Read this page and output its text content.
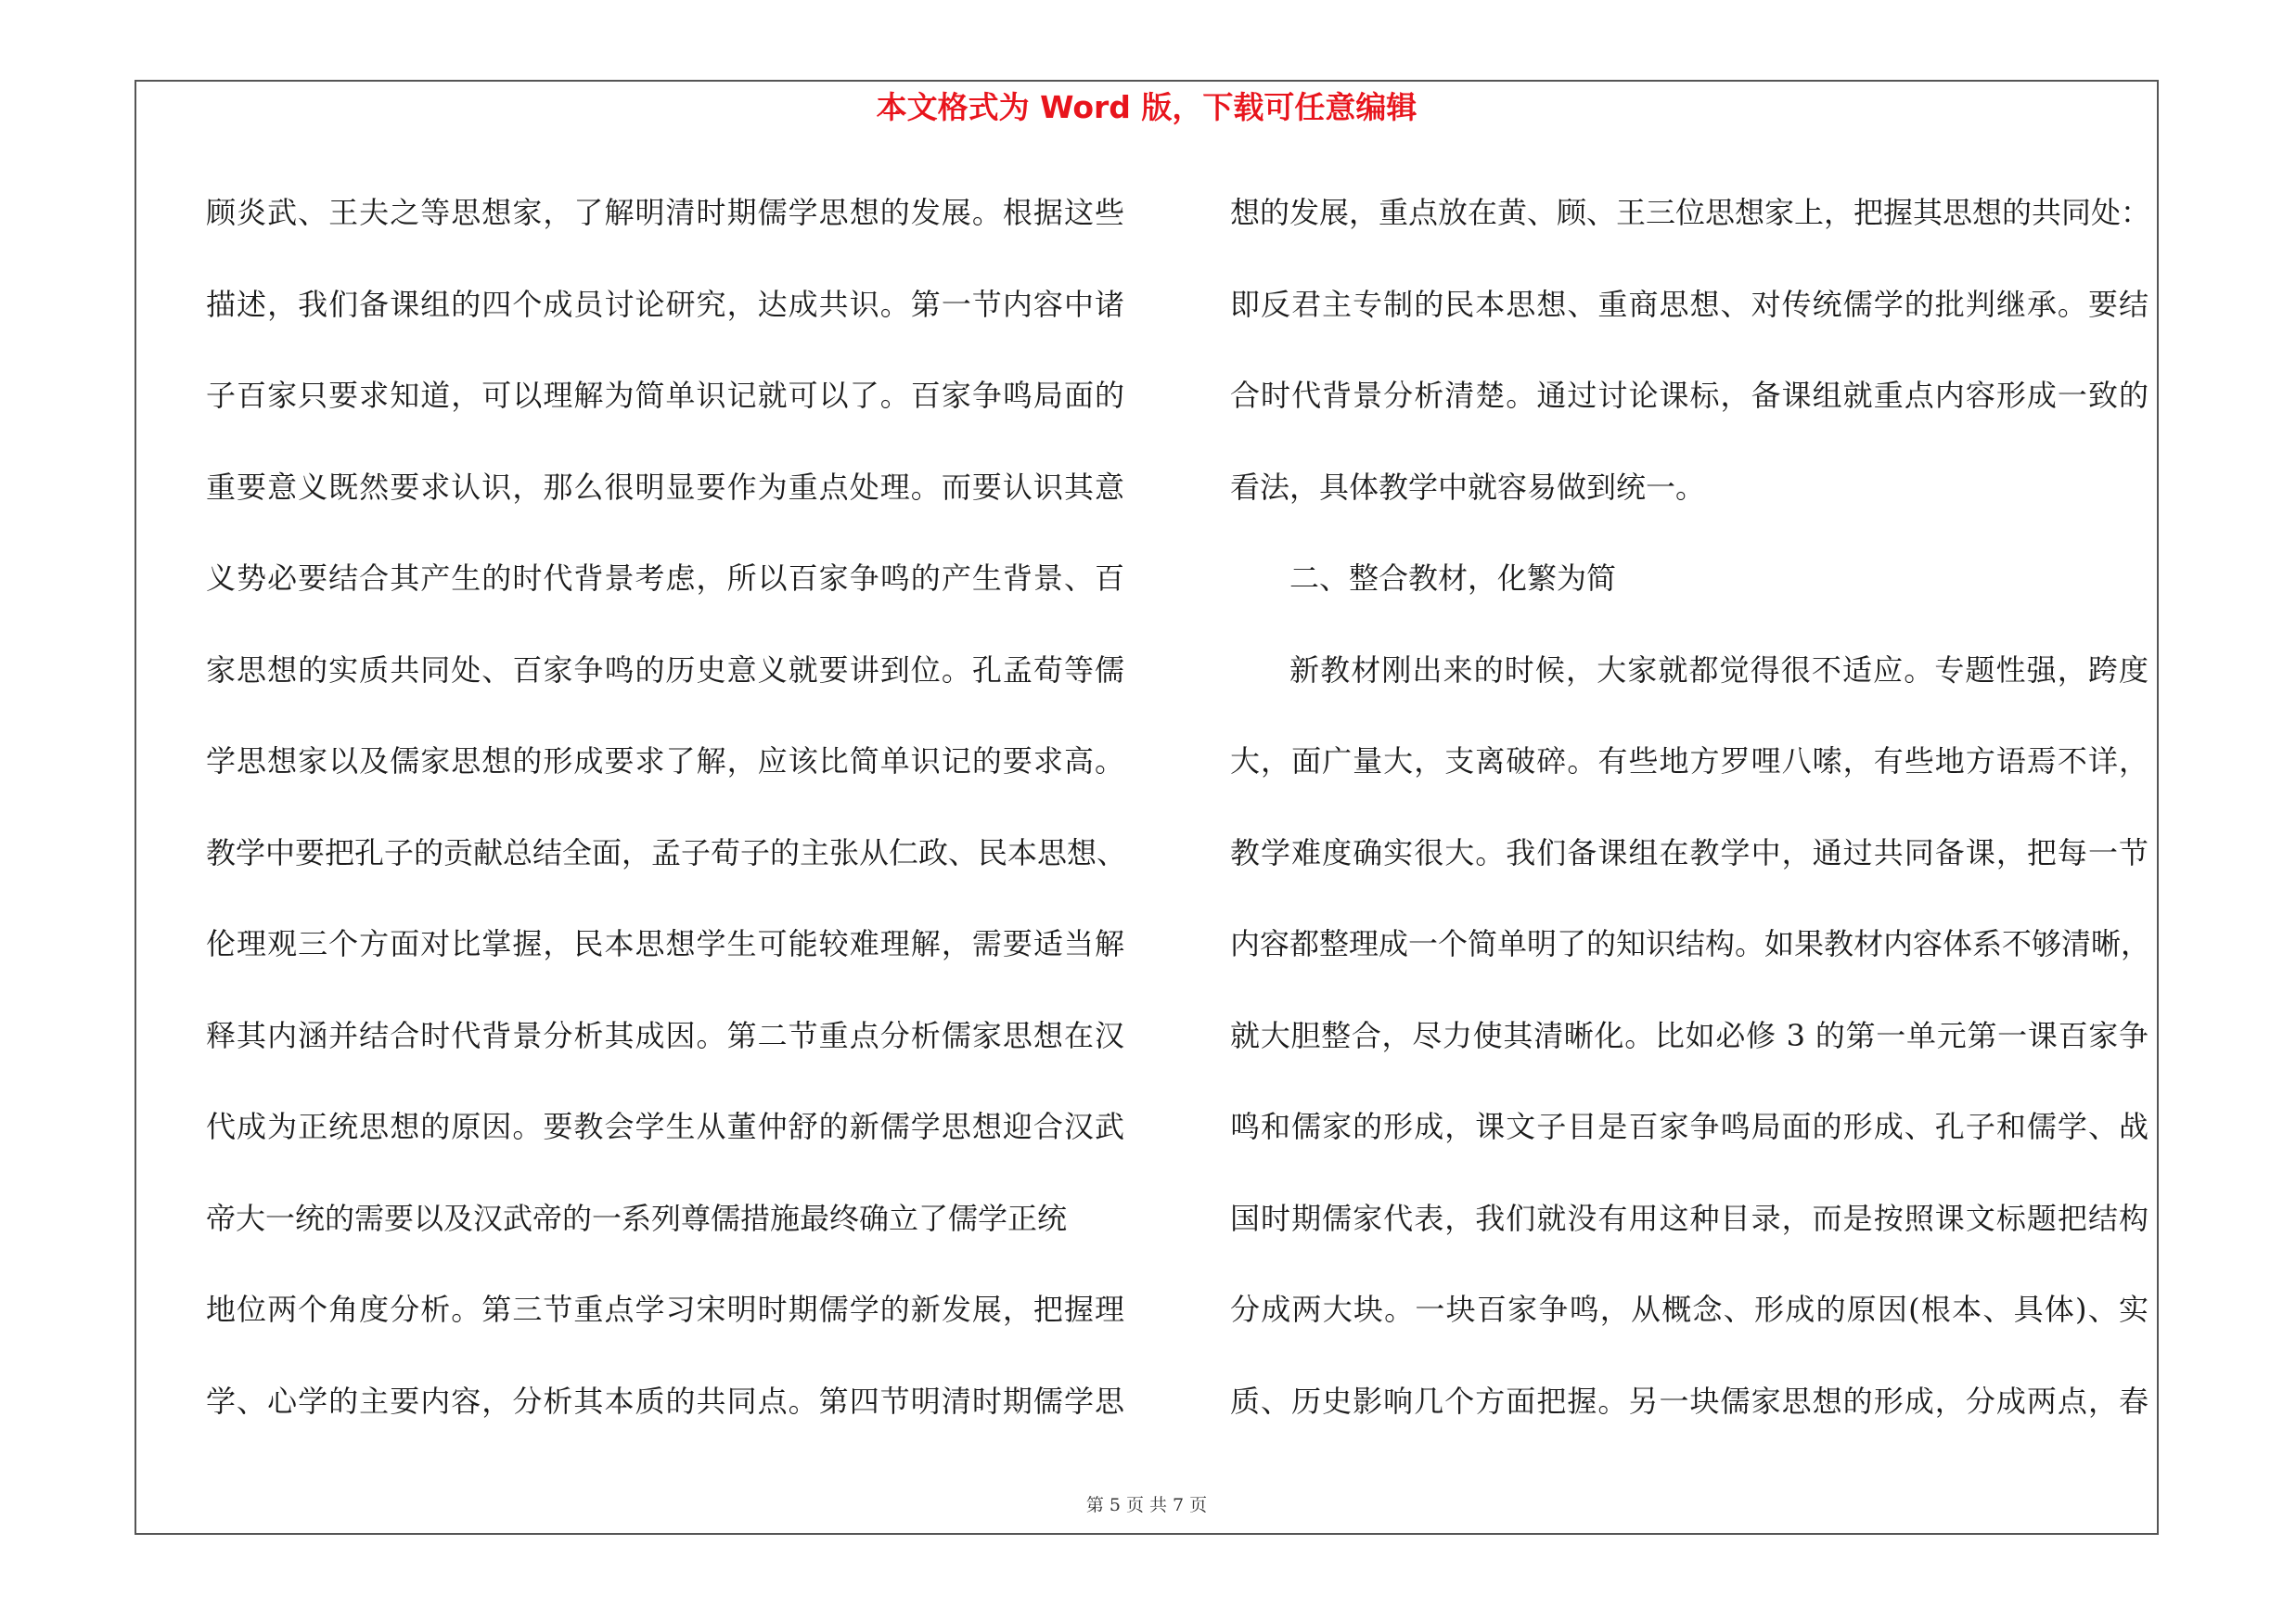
本文格式为 Word 版，下载可任意编辑
顾炎武、王夫之等思想家，了解明清时期儒学思想的发展。根据这些
描述，我们备课组的四个成员讨论研究，达成共识。第一节内容中诸
子百家只要求知道，可以理解为简单识记就可以了。百家争鸣局面的
重要意义既然要求认识，那么很明显要作为重点处理。而要认识其意
义势必要结合其产生的时代背景考虑，所以百家争鸣的产生背景、百
家思想的实质共同处、百家争鸣的历史意义就要讲到位。孔孟荀等儒
学思想家以及儒家思想的形成要求了解，应该比简单识记的要求高。
教学中要把孔子的贡献总结全面，孟子荀子的主张从仁政、民本思想、
伦理观三个方面对比掌握，民本思想学生可能较难理解，需要适当解
释其内涵并结合时代背景分析其成因。第二节重点分析儒家思想在汉
代成为正统思想的原因。要教会学生从董仲舒的新儒学思想迎合汉武
帝大一统的需要以及汉武帝的一系列尊儒措施最终确立了儒学正统
地位两个角度分析。第三节重点学习宋明时期儒学的新发展，把握理
学、心学的主要内容，分析其本质的共同点。第四节明清时期儒学思
想的发展，重点放在黄、顾、王三位思想家上，把握其思想的共同处：
即反君主专制的民本思想、重商思想、对传统儒学的批判继承。要结
合时代背景分析清楚。通过讨论课标，备课组就重点内容形成一致的
看法，具体教学中就容易做到统一。
二、整合教材，化繁为简
新教材刚出来的时候，大家就都觉得很不适应。专题性强，跨度
大，面广量大，支离破碎。有些地方罗哩八嗦，有些地方语焉不详，
教学难度确实很大。我们备课组在教学中，通过共同备课，把每一节
内容都整理成一个简单明了的知识结构。如果教材内容体系不够清晰，
就大胆整合，尽力使其清晰化。比如必修 3 的第一单元第一课百家争
鸣和儒家的形成，课文子目是百家争鸣局面的形成、孔子和儒学、战
国时期儒家代表，我们就没有用这种目录，而是按照课文标题把结构
分成两大块。一块百家争鸣，从概念、形成的原因(根本、具体)、实
质、历史影响几个方面把握。另一块儒家思想的形成，分成两点，春
第 5 页 共 7 页
